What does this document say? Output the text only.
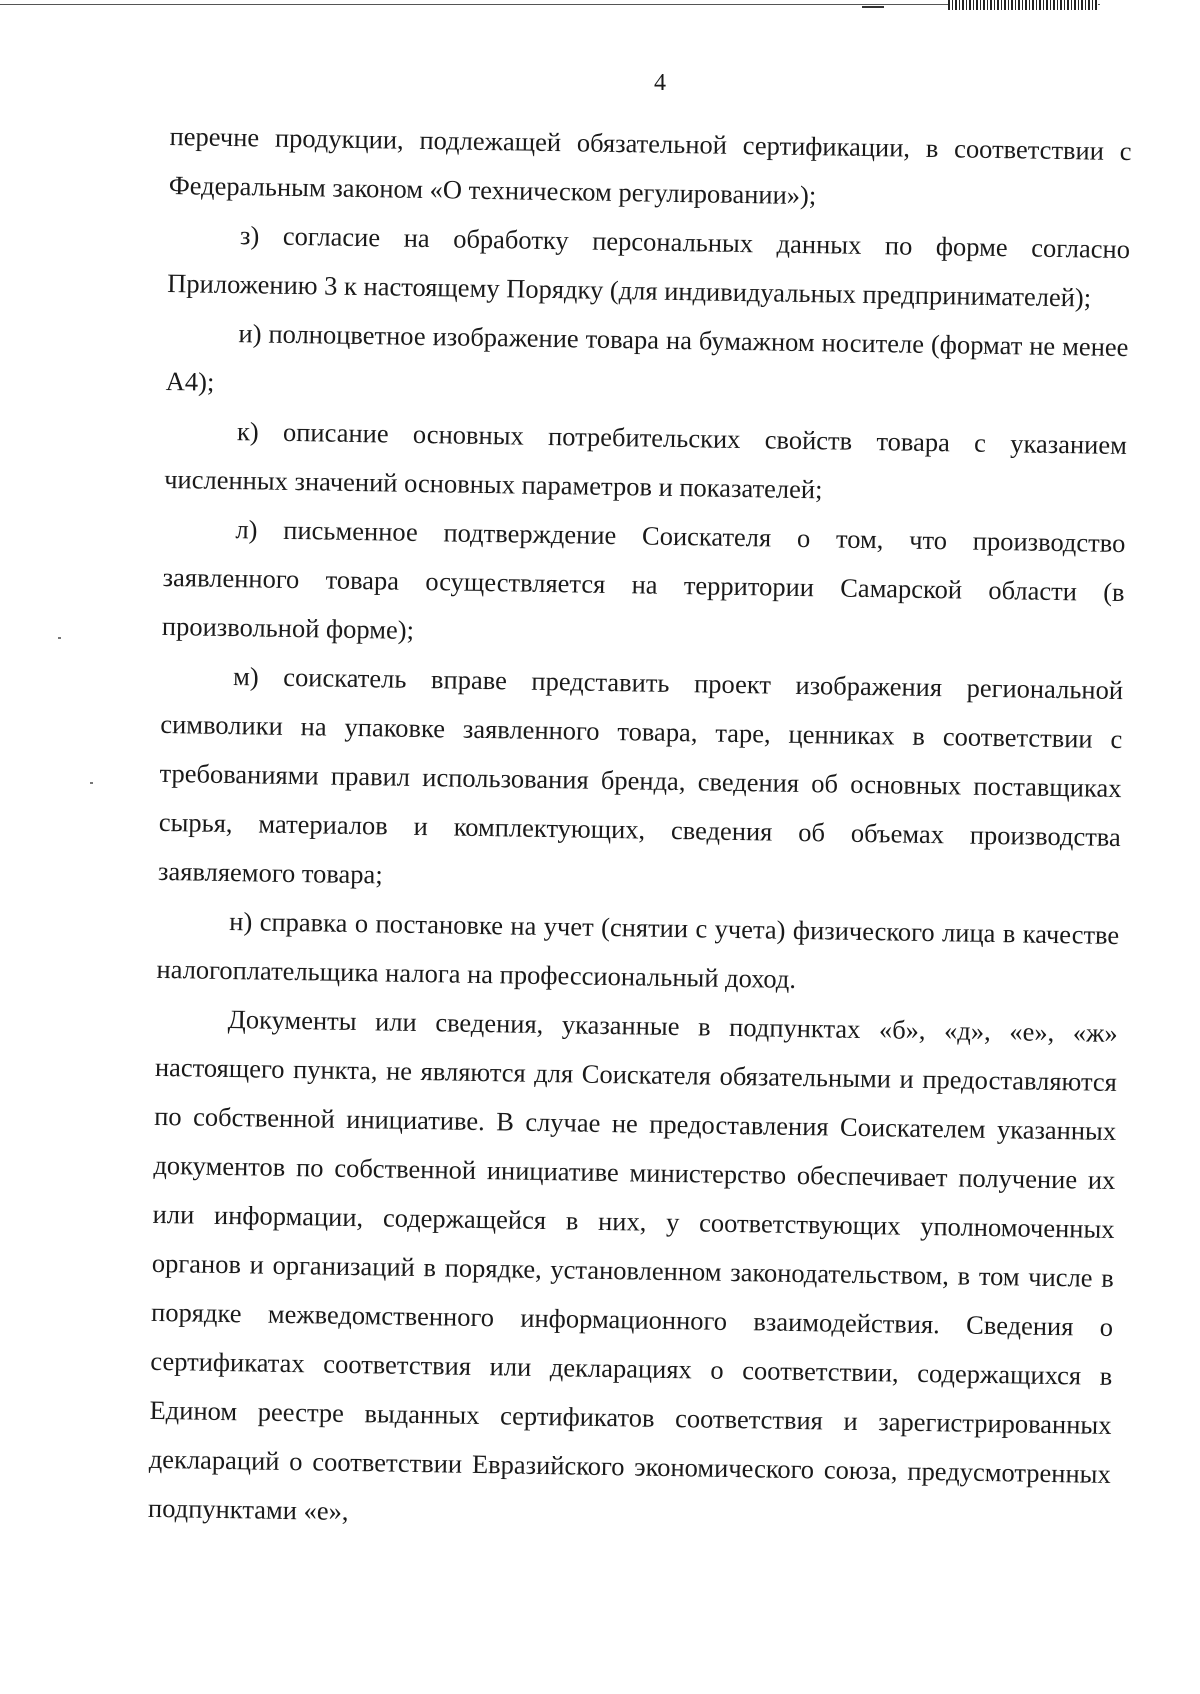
4

перечне продукции, подлежащей обязательной сертификации, в соответствии с Федеральным законом «О техническом регулировании»);

з) согласие на обработку персональных данных по форме согласно Приложению 3 к настоящему Порядку (для индивидуальных предпринимателей);

и) полноцветное изображение товара на бумажном носителе (формат не менее А4);

к) описание основных потребительских свойств товара с указанием численных значений основных параметров и показателей;

л) письменное подтверждение Соискателя о том, что производство заявленного товара осуществляется на территории Самарской области (в произвольной форме);

м) соискатель вправе представить проект изображения региональной символики на упаковке заявленного товара, таре, ценниках в соответствии с требованиями правил использования бренда, сведения об основных поставщиках сырья, материалов и комплектующих, сведения об объемах производства заявляемого товара;

н) справка о постановке на учет (снятии с учета) физического лица в качестве налогоплательщика налога на профессиональный доход.

Документы или сведения, указанные в подпунктах «б», «д», «е», «ж» настоящего пункта, не являются для Соискателя обязательными и предоставляются по собственной инициативе. В случае не предоставления Соискателем указанных документов по собственной инициативе министерство обеспечивает получение их или информации, содержащейся в них, у соответствующих уполномоченных органов и организаций в порядке, установленном законодательством, в том числе в порядке межведомственного информационного взаимодействия. Сведения о сертификатах соответствия или декларациях о соответствии, содержащихся в Едином реестре выданных сертификатов соответствия и зарегистрированных деклараций о соответствии Евразийского экономического союза, предусмотренных подпунктами «е»,
